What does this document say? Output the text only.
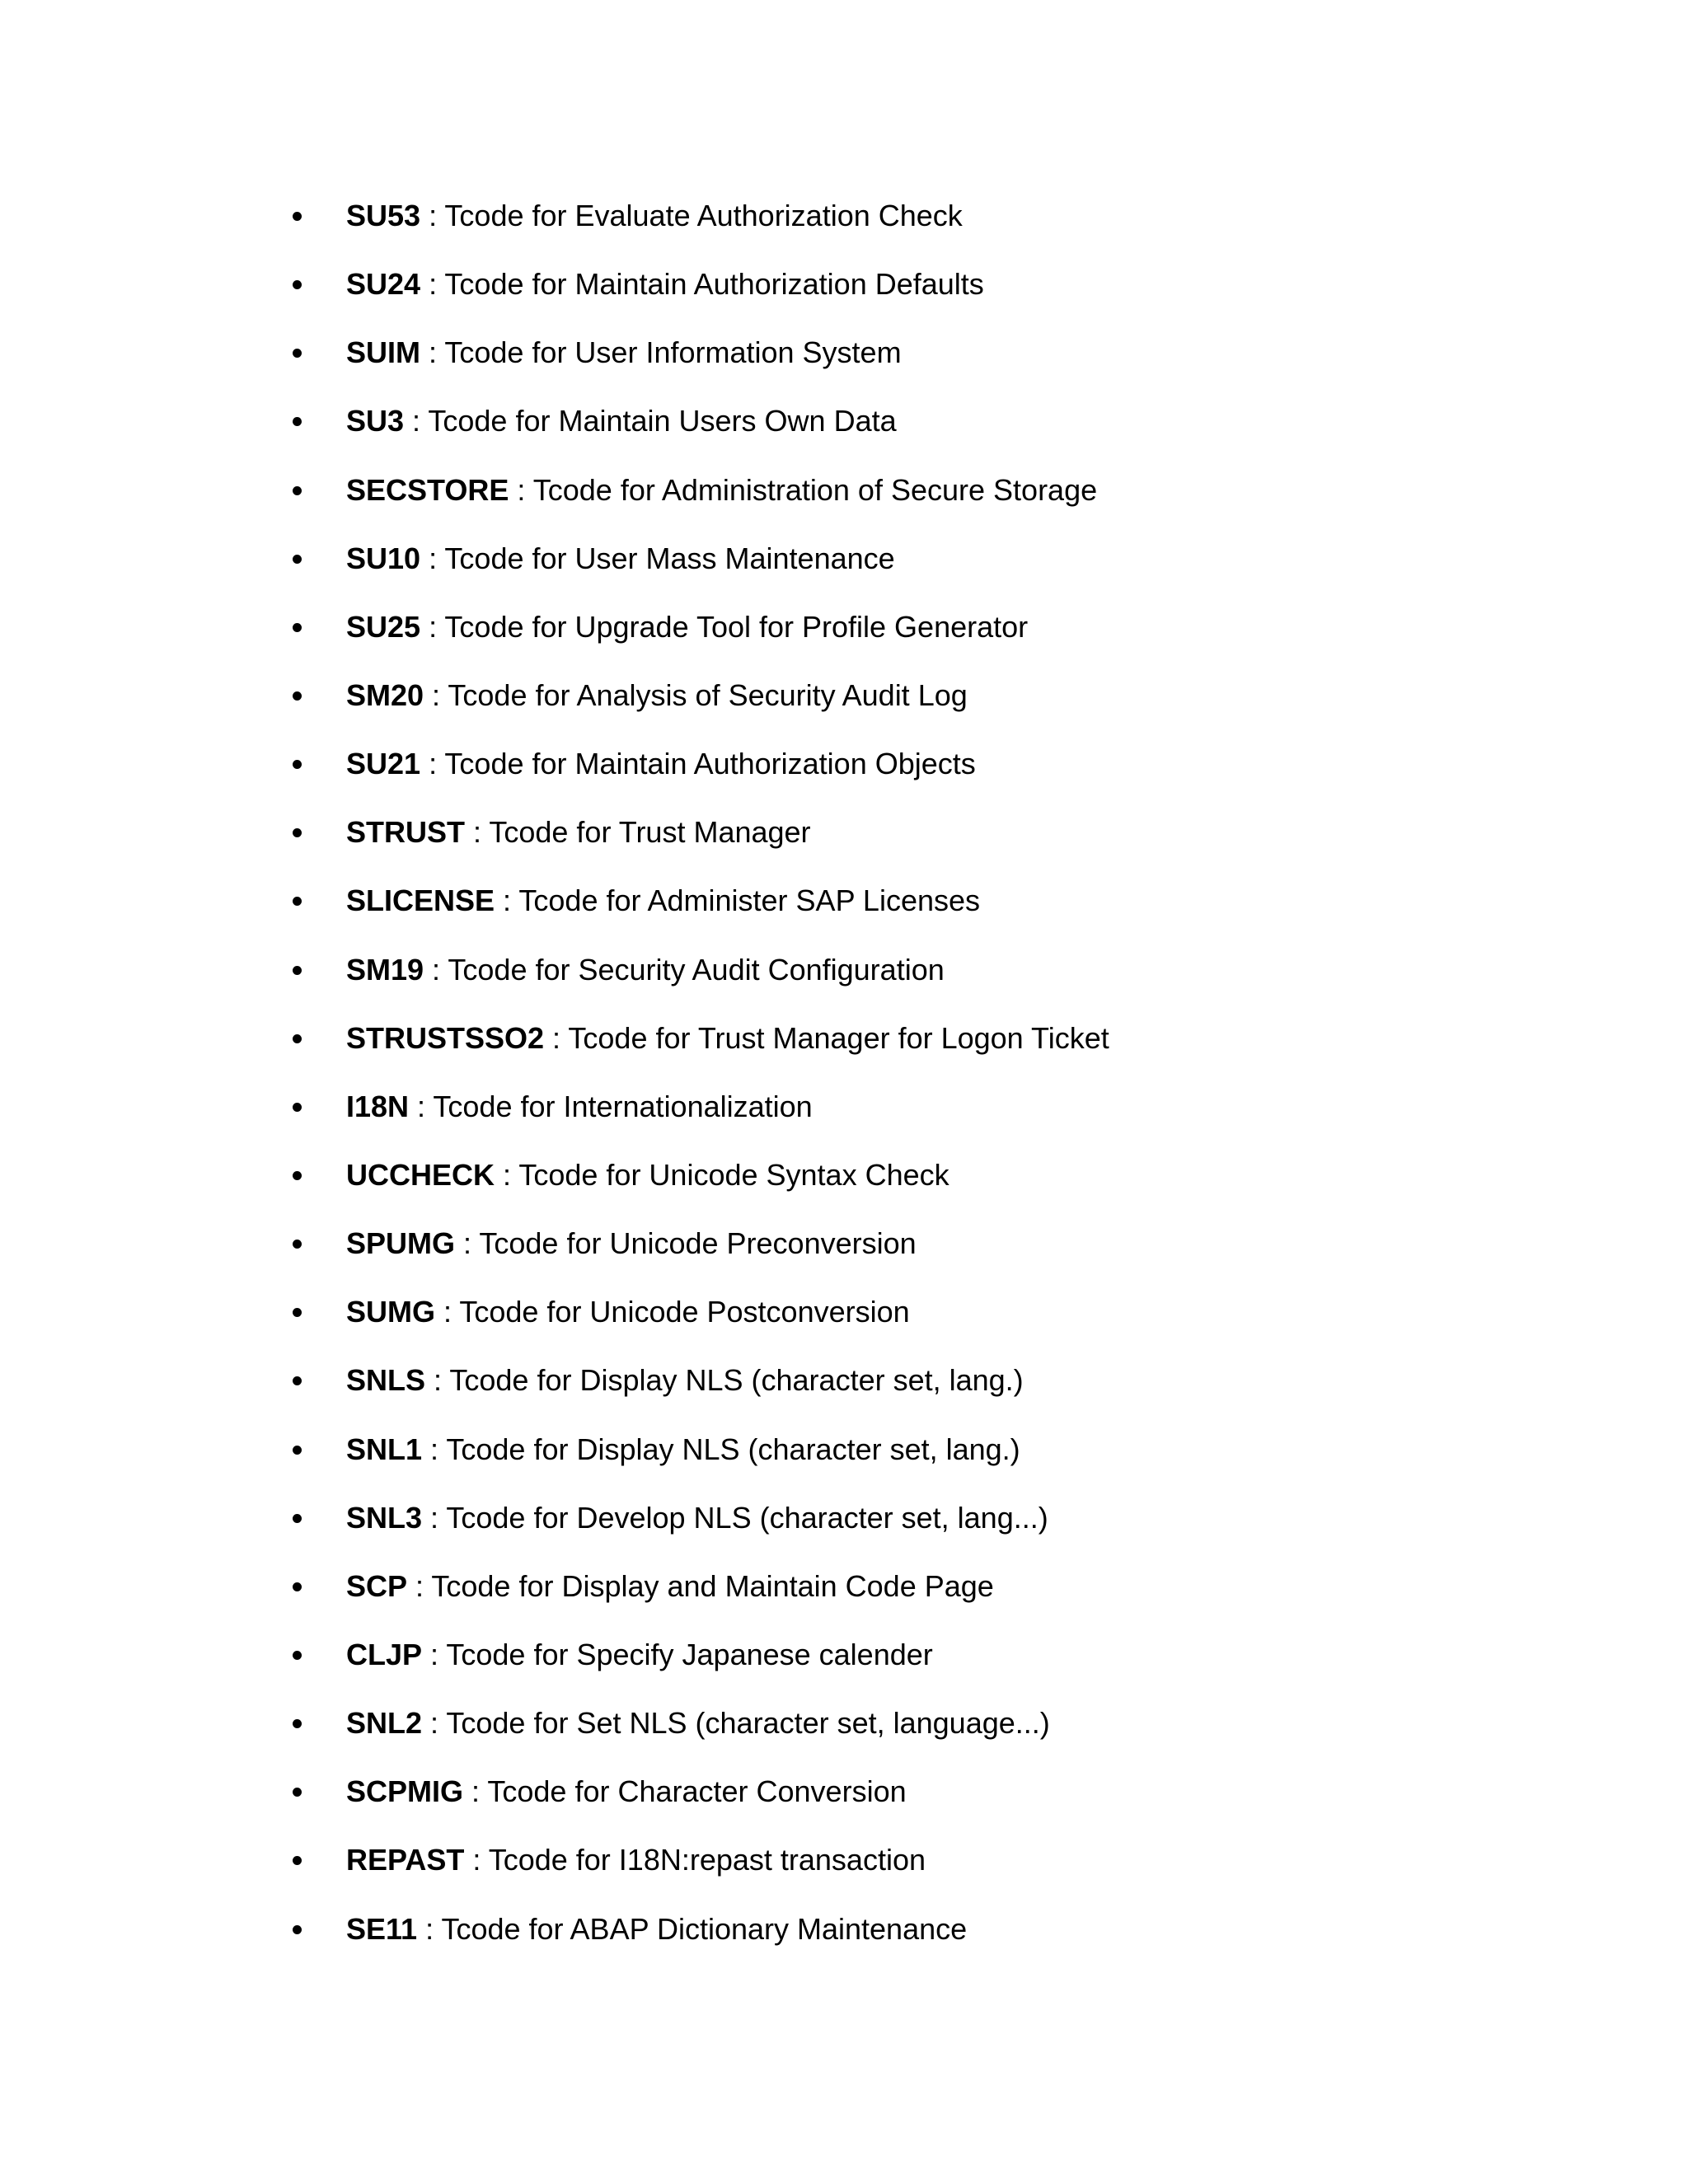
SU53 : Tcode for Evaluate Authorization Check
SU24 : Tcode for Maintain Authorization Defaults
SUIM : Tcode for User Information System
SU3 : Tcode for Maintain Users Own Data
SECSTORE : Tcode for Administration of Secure Storage
SU10 : Tcode for User Mass Maintenance
SU25 : Tcode for Upgrade Tool for Profile Generator
SM20 : Tcode for Analysis of Security Audit Log
SU21 : Tcode for Maintain Authorization Objects
STRUST : Tcode for Trust Manager
SLICENSE : Tcode for Administer SAP Licenses
SM19 : Tcode for Security Audit Configuration
STRUSTSSO2 : Tcode for Trust Manager for Logon Ticket
I18N : Tcode for Internationalization
UCCHECK : Tcode for Unicode Syntax Check
SPUMG : Tcode for Unicode Preconversion
SUMG : Tcode for Unicode Postconversion
SNLS : Tcode for Display NLS (character set, lang.)
SNL1 : Tcode for Display NLS (character set, lang.)
SNL3 : Tcode for Develop NLS (character set, lang...)
SCP : Tcode for Display and Maintain Code Page
CLJP : Tcode for Specify Japanese calender
SNL2 : Tcode for Set NLS (character set, language...)
SCPMIG : Tcode for Character Conversion
REPAST : Tcode for I18N:repast transaction
SE11 : Tcode for ABAP Dictionary Maintenance
